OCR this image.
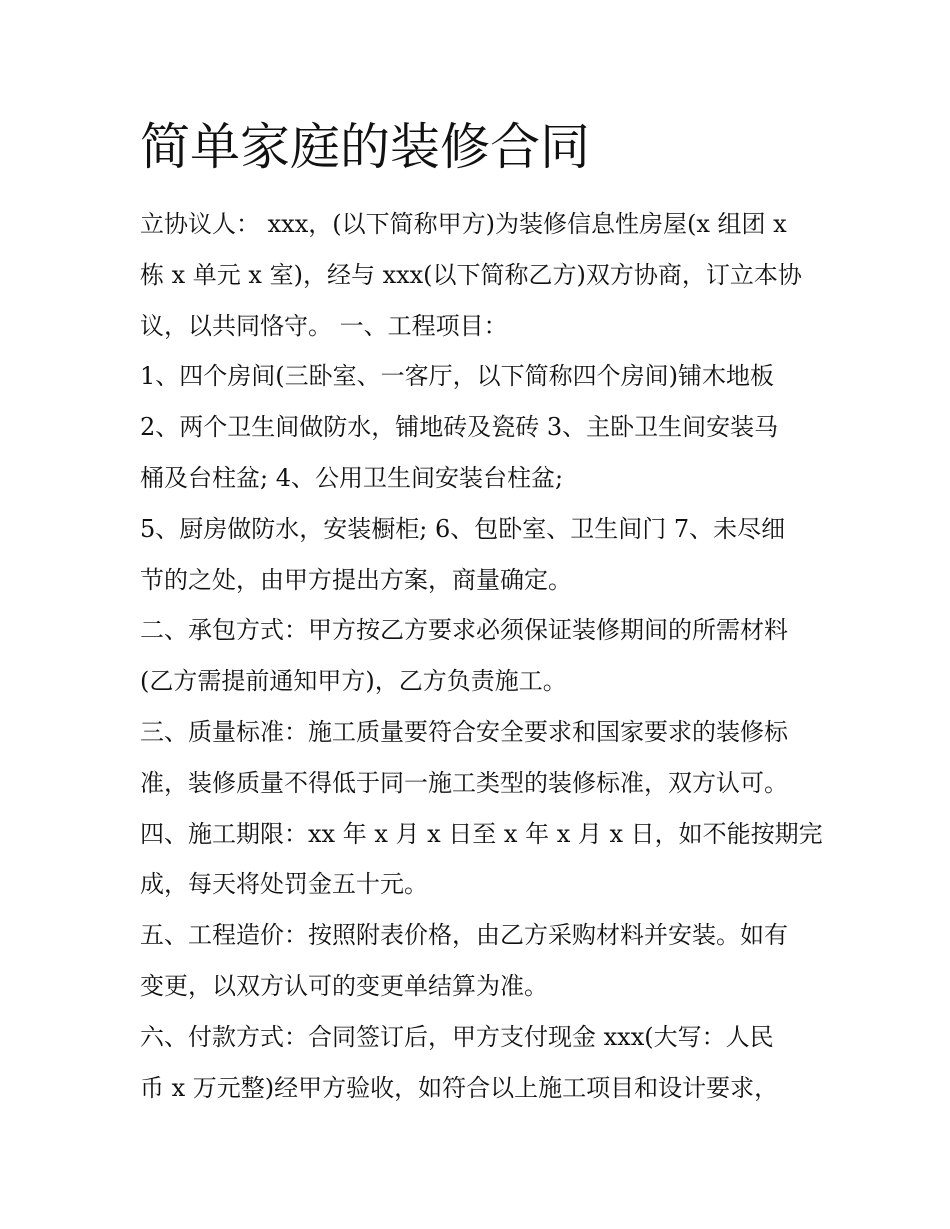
简单家庭的装修合同
立协议人： xxx，(以下简称甲方)为装修信息性房屋(x 组团 x
栋 x 单元 x 室)，经与 xxx(以下简称乙方)双方协商，订立本协
议，以共同恪守。 一、工程项目：
1、四个房间(三卧室、一客厅，以下简称四个房间)铺木地板
2、两个卫生间做防水，铺地砖及瓷砖 3、主卧卫生间安装马
桶及台柱盆; 4、公用卫生间安装台柱盆;
5、厨房做防水，安装橱柜; 6、包卧室、卫生间门 7、未尽细
节的之处，由甲方提出方案，商量确定。
二、承包方式：甲方按乙方要求必须保证装修期间的所需材料
(乙方需提前通知甲方)，乙方负责施工。
三、质量标准：施工质量要符合安全要求和国家要求的装修标
准，装修质量不得低于同一施工类型的装修标准，双方认可。
四、施工期限：xx 年 x 月 x 日至 x 年 x 月 x 日，如不能按期完
成，每天将处罚金五十元。
五、工程造价：按照附表价格，由乙方采购材料并安装。如有
变更，以双方认可的变更单结算为准。
六、付款方式：合同签订后，甲方支付现金 xxx(大写：人民
币 x 万元整)经甲方验收，如符合以上施工项目和设计要求，
